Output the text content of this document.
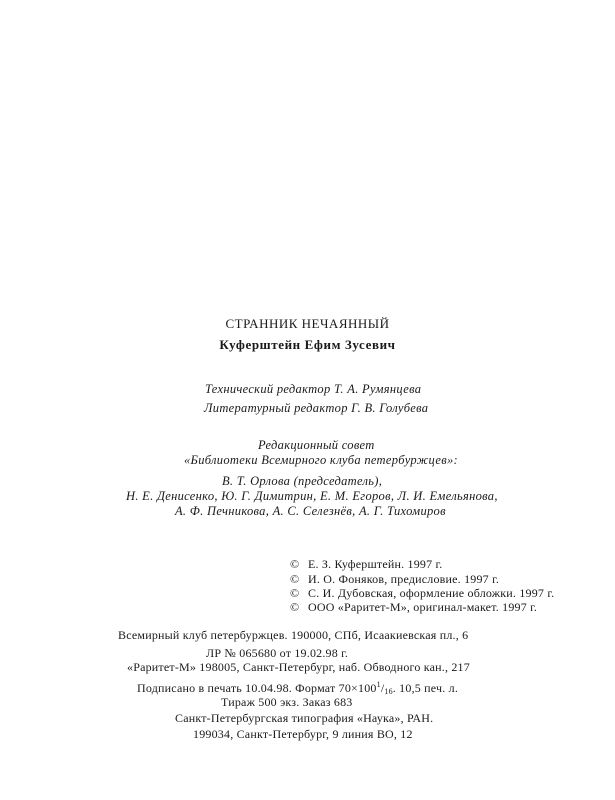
СТРАННИК НЕЧАЯННЫЙ
Куферштейн Ефим Зусевич
Технический редактор Т. А. Румянцева
Литературный редактор Г. В. Голубева
Редакционный совет
«Библиотеки Всемирного клуба петербуржцев»:
В. Т. Орлова (председатель),
Н. Е. Денисенко, Ю. Г. Димитрин, Е. М. Егоров, Л. И. Емельянова,
А. Ф. Печникова, А. С. Селезнёв, А. Г. Тихомиров
© Е. З. Куферштейн. 1997 г.
© И. О. Фоняков, предисловие. 1997 г.
© С. И. Дубовская, оформление обложки. 1997 г.
© ООО «Раритет-М», оригинал-макет. 1997 г.
Всемирный клуб петербуржцев. 190000, СПб, Исаакиевская пл., 6
ЛР № 065680 от 19.02.98 г.
«Раритет-М» 198005, Санкт-Петербург, наб. Обводного кан., 217
Подписано в печать 10.04.98. Формат $70\times 100^1/_{16}$. 10,5 печ. л.
Тираж 500 экз. Заказ 683
Санкт-Петербургская типография «Наука», РАН.
199034, Санкт-Петербург, 9 линия ВО, 12
